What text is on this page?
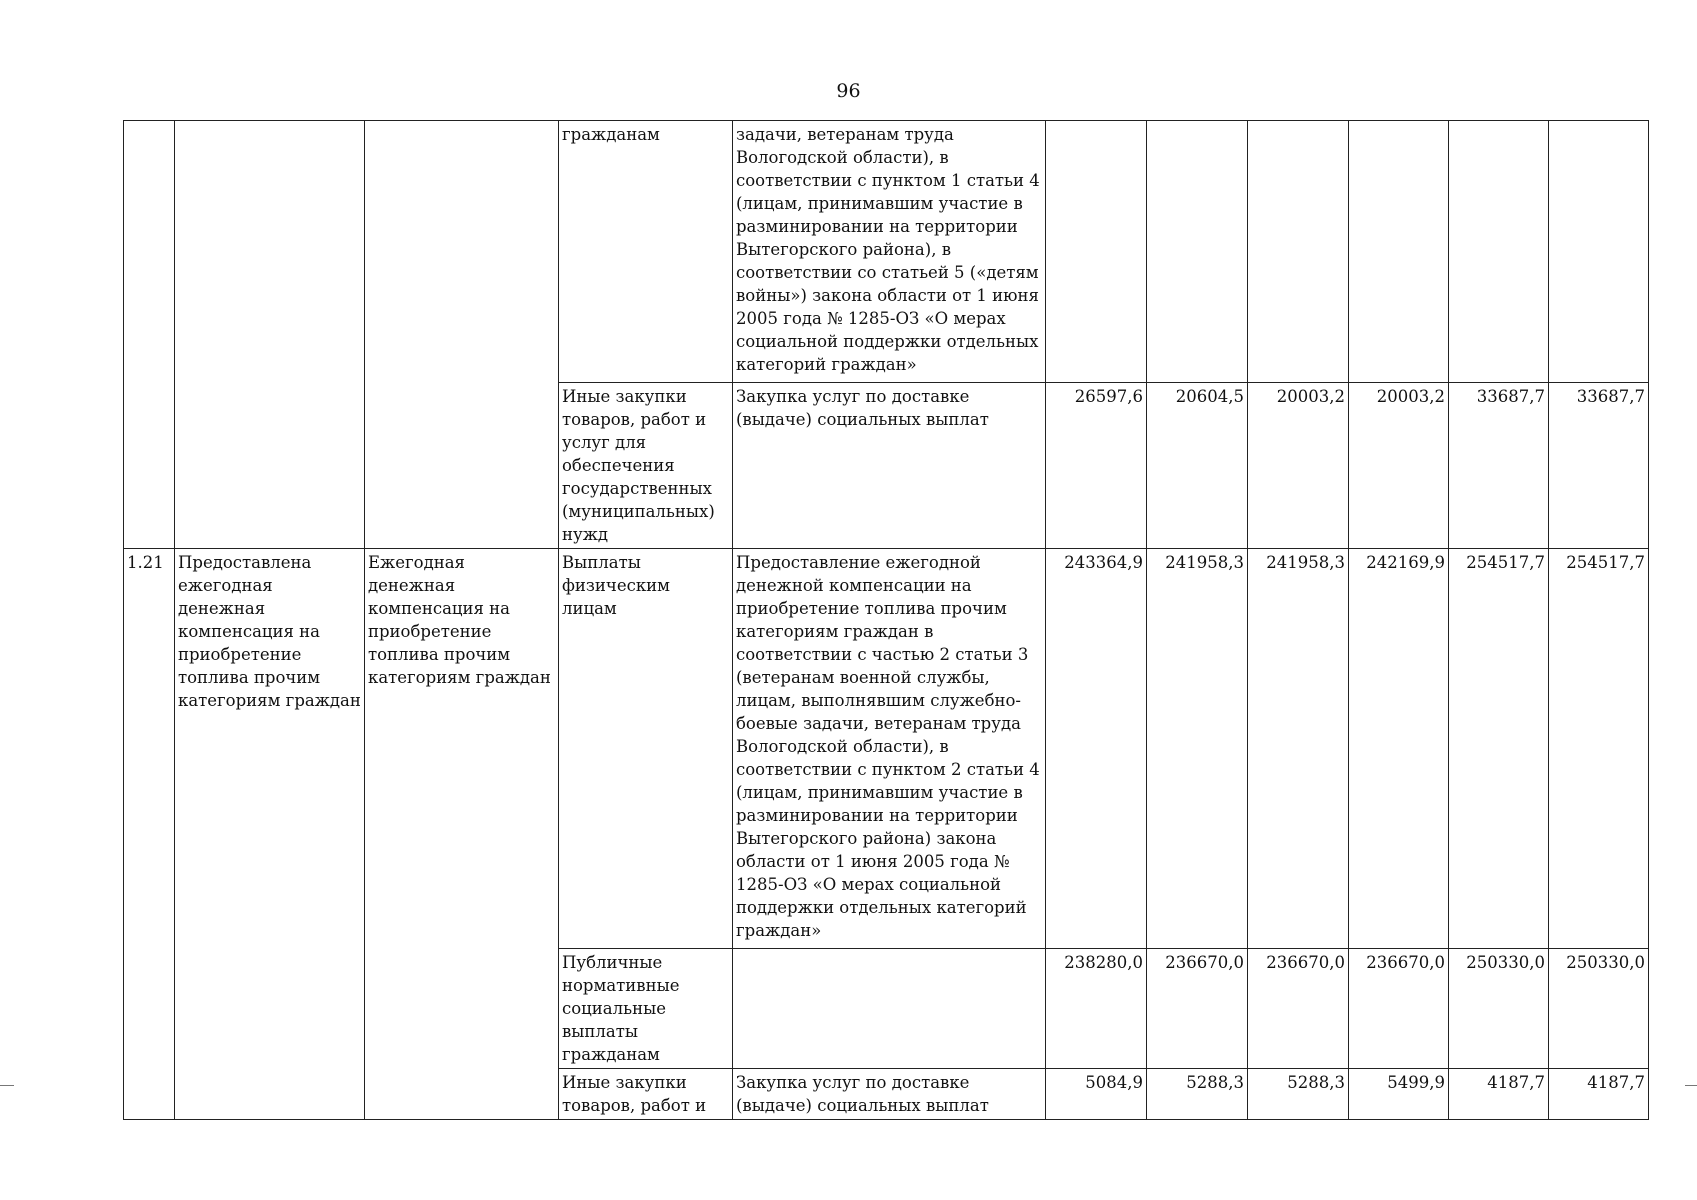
96
			гражданам	задачи, ветеранам труда Вологодской области), в соответствии с пунктом 1 статьи 4 (лицам, принимавшим участие в разминировании на территории Вытегорского района), в соответствии со статьей 5 («детям войны») закона области от 1 июня 2005 года № 1285-ОЗ «О мерах социальной поддержки отдельных категорий граждан»						
			Иные закупки товаров, работ и услуг для обеспечения государственных (муниципальных) нужд	Закупка услуг по доставке (выдаче) социальных выплат	26597,6	20604,5	20003,2	20003,2	33687,7	33687,7
1.21	Предоставлена ежегодная денежная компенсация на приобретение топлива прочим категориям граждан	Ежегодная денежная компенсация на приобретение топлива прочим категориям граждан	Выплаты физическим лицам	Предоставление ежегодной денежной компенсации на приобретение топлива прочим категориям граждан в соответствии с частью 2 статьи 3 (ветеранам военной службы, лицам, выполнявшим служебно-боевые задачи, ветеранам труда Вологодской области), в соответствии с пунктом 2 статьи 4 (лицам, принимавшим участие в разминировании на территории Вытегорского района) закона области от 1 июня 2005 года № 1285-ОЗ «О мерах социальной поддержки отдельных категорий граждан»	243364,9	241958,3	241958,3	242169,9	254517,7	254517,7
			Публичные нормативные социальные выплаты гражданам		238280,0	236670,0	236670,0	236670,0	250330,0	250330,0
			Иные закупки товаров, работ и	Закупка услуг по доставке (выдаче) социальных выплат	5084,9	5288,3	5288,3	5499,9	4187,7	4187,7
